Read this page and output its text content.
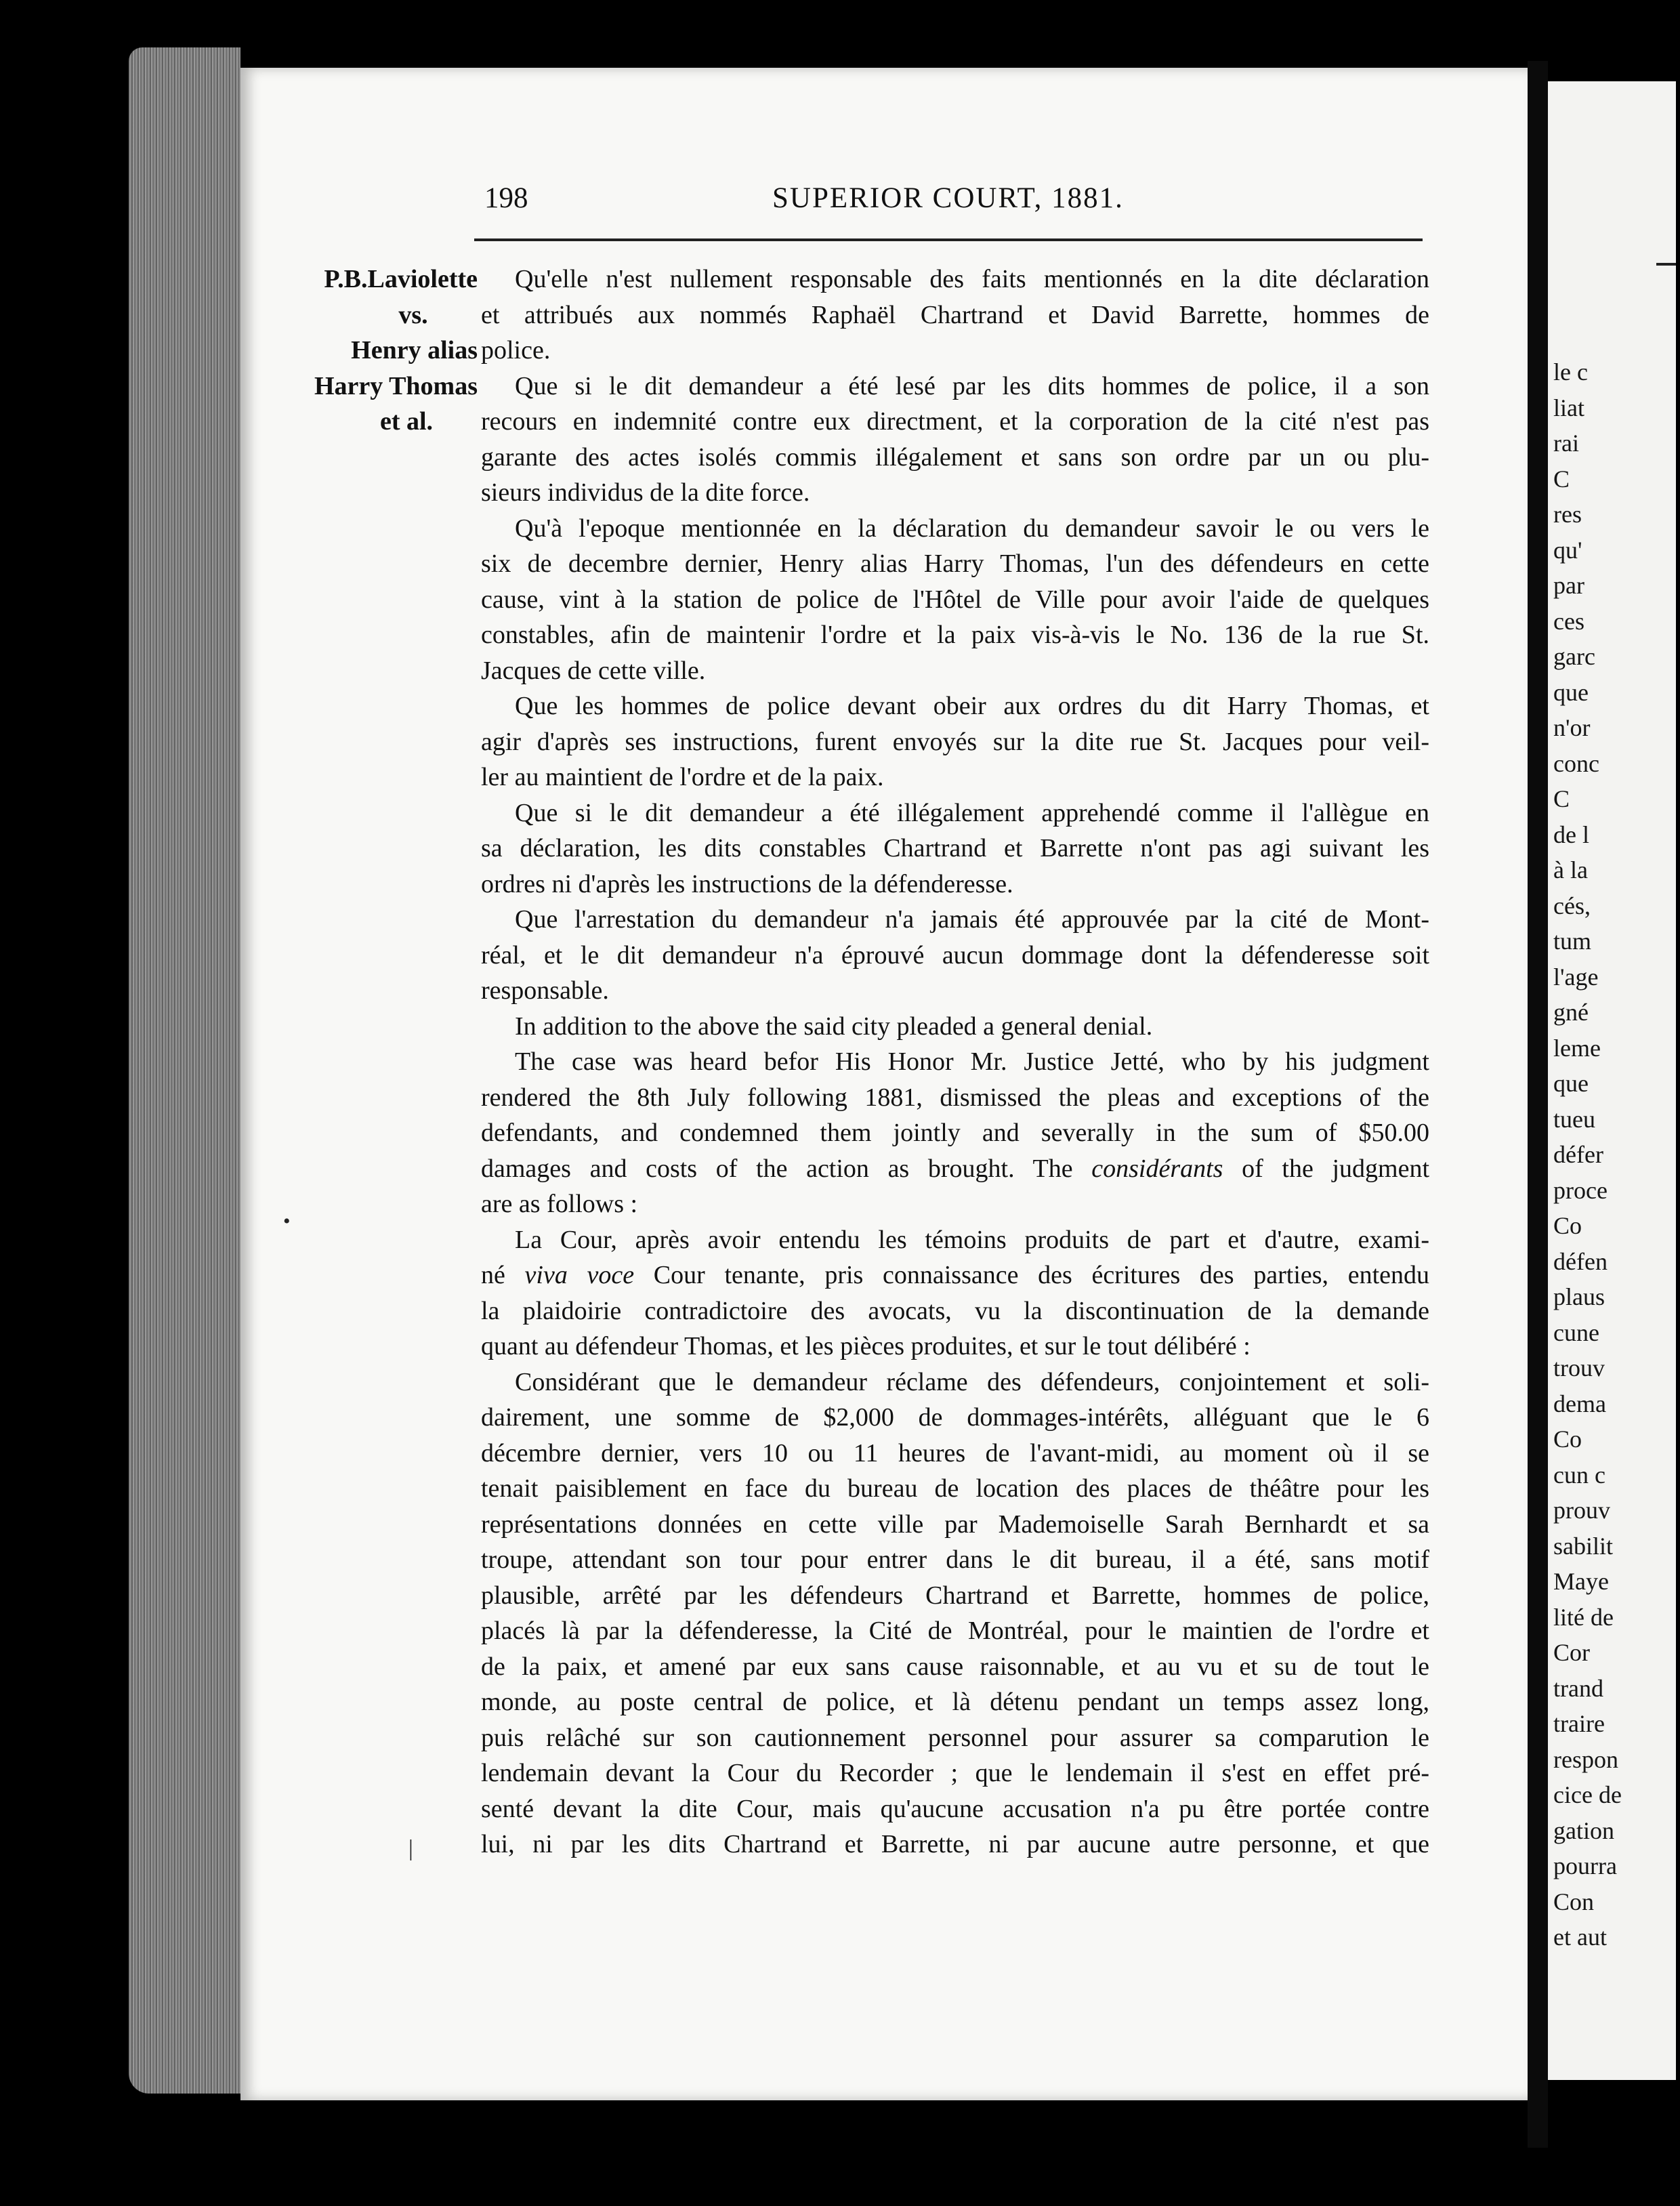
le c
liat
rai
C
res
qu'
par
ces
garc
que
n'or
conc
C
de l
à la
cés,
tum
l'age
gné
leme
que
tueu
défer
proce
Co
défen
plaus
cune
trouv
dema
Co
cun c
prouv
sabilit
Maye
lité de
Cor
trand
traire
respon
cice de
gation
pourra
Con
et aut
198	SUPERIOR COURT, 1881.
P.B.Laviolette
vs.
Henry alias
Harry Thomas
et al.
Qu'elle n'est nullement responsable des faits mentionnés en la dite déclaration
et attribués aux nommés Raphaël Chartrand et David Barrette, hommes de
police.
Que si le dit demandeur a été lesé par les dits hommes de police, il a son
recours en indemnité contre eux directment, et la corporation de la cité n'est pas
garante des actes isolés commis illégalement et sans son ordre par un ou plu-
sieurs individus de la dite force.
Qu'à l'epoque mentionnée en la déclaration du demandeur savoir le ou vers le
six de decembre dernier, Henry alias Harry Thomas, l'un des défendeurs en cette
cause, vint à la station de police de l'Hôtel de Ville pour avoir l'aide de quelques
constables, afin de maintenir l'ordre et la paix vis-à-vis le No. 136 de la rue St.
Jacques de cette ville.
Que les hommes de police devant obeir aux ordres du dit Harry Thomas, et
agir d'après ses instructions, furent envoyés sur la dite rue St. Jacques pour veil-
ler au maintient de l'ordre et de la paix.
Que si le dit demandeur a été illégalement apprehendé comme il l'allègue en
sa déclaration, les dits constables Chartrand et Barrette n'ont pas agi suivant les
ordres ni d'après les instructions de la défenderesse.
Que l'arrestation du demandeur n'a jamais été approuvée par la cité de Mont-
réal, et le dit demandeur n'a éprouvé aucun dommage dont la défenderesse soit
responsable.
In addition to the above the said city pleaded a general denial.
The case was heard befor His Honor Mr. Justice Jetté, who by his judgment
rendered the 8th July following 1881, dismissed the pleas and exceptions of the
defendants, and condemned them jointly and severally in the sum of $50.00
damages and costs of the action as brought. The considérants of the judgment
are as follows :
La Cour, après avoir entendu les témoins produits de part et d'autre, exami-
né viva voce Cour tenante, pris connaissance des écritures des parties, entendu
la plaidoirie contradictoire des avocats, vu la discontinuation de la demande
quant au défendeur Thomas, et les pièces produites, et sur le tout délibéré :
Considérant que le demandeur réclame des défendeurs, conjointement et soli-
dairement, une somme de $2,000 de dommages-intérêts, alléguant que le 6
décembre dernier, vers 10 ou 11 heures de l'avant-midi, au moment où il se
tenait paisiblement en face du bureau de location des places de théâtre pour les
représentations données en cette ville par Mademoiselle Sarah Bernhardt et sa
troupe, attendant son tour pour entrer dans le dit bureau, il a été, sans motif
plausible, arrêté par les défendeurs Chartrand et Barrette, hommes de police,
placés là par la défenderesse, la Cité de Montréal, pour le maintien de l'ordre et
de la paix, et amené par eux sans cause raisonnable, et au vu et su de tout le
monde, au poste central de police, et là détenu pendant un temps assez long,
puis relâché sur son cautionnement personnel pour assurer sa comparution le
lendemain devant la Cour du Recorder ; que le lendemain il s'est en effet pré-
senté devant la dite Cour, mais qu'aucune accusation n'a pu être portée contre
lui, ni par les dits Chartrand et Barrette, ni par aucune autre personne, et que
•
|
